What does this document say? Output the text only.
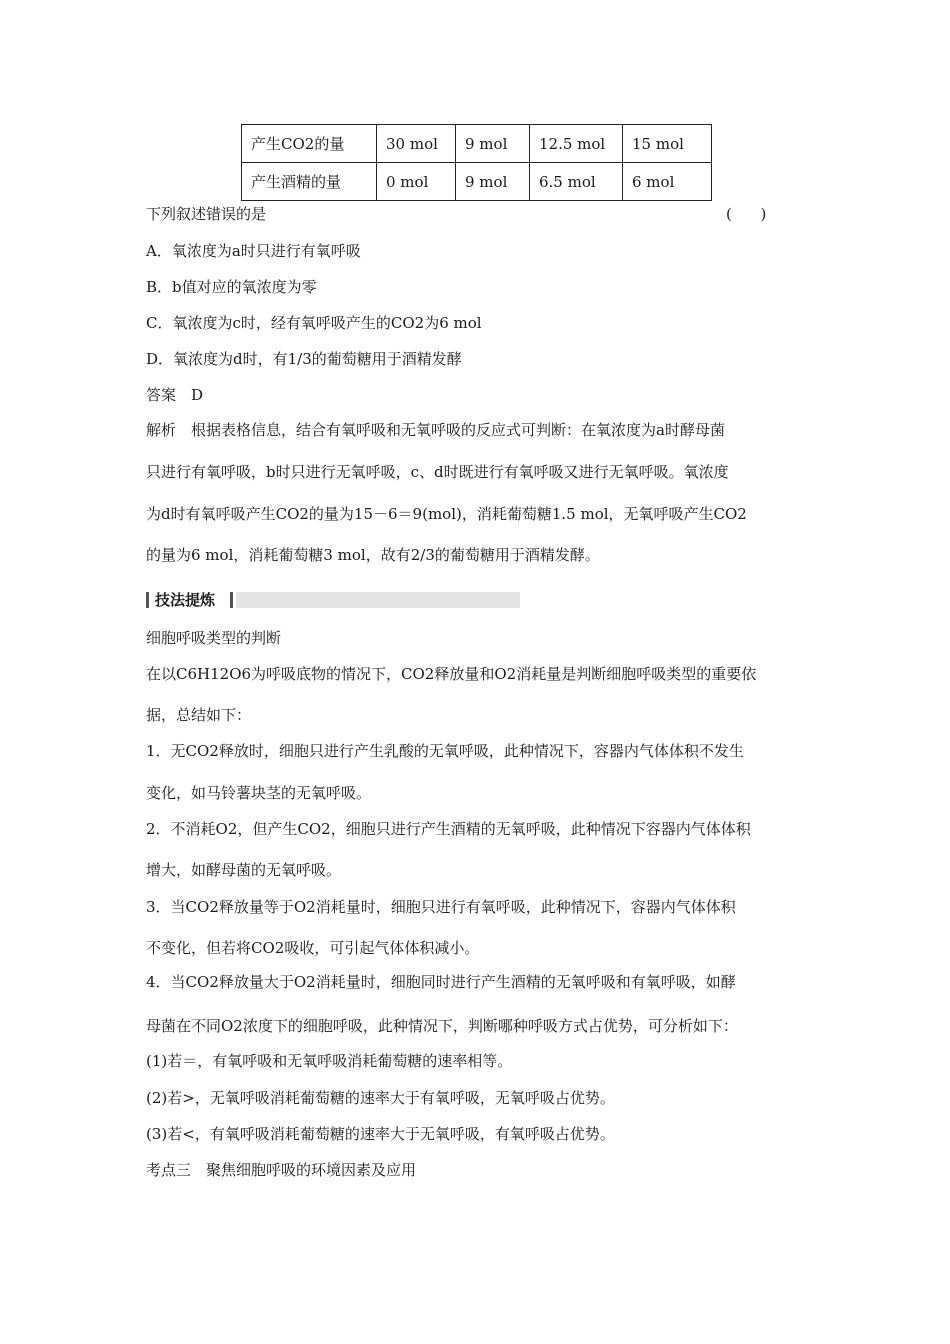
产生CO2的量	30 mol	9 mol	12.5 mol	15 mol
产生酒精的量	0 mol	9 mol	6.5 mol	6 mol
下列叙述错误的是	(      )
A．氧浓度为a时只进行有氧呼吸
B．b值对应的氧浓度为零
C．氧浓度为c时，经有氧呼吸产生的CO2为6 mol
D．氧浓度为d时，有1/3的葡萄糖用于酒精发酵
答案　D
解析　根据表格信息，结合有氧呼吸和无氧呼吸的反应式可判断：在氧浓度为a时酵母菌
只进行有氧呼吸，b时只进行无氧呼吸，c、d时既进行有氧呼吸又进行无氧呼吸。氧浓度
为d时有氧呼吸产生CO2的量为15－6＝9(mol)，消耗葡萄糖1.5 mol，无氧呼吸产生CO2
的量为6 mol，消耗葡萄糖3 mol，故有2/3的葡萄糖用于酒精发酵。
技法提炼
细胞呼吸类型的判断
在以C6H12O6为呼吸底物的情况下，CO2释放量和O2消耗量是判断细胞呼吸类型的重要依
据，总结如下：
1．无CO2释放时，细胞只进行产生乳酸的无氧呼吸，此种情况下，容器内气体体积不发生
变化，如马铃薯块茎的无氧呼吸。
2．不消耗O2，但产生CO2，细胞只进行产生酒精的无氧呼吸，此种情况下容器内气体体积
增大，如酵母菌的无氧呼吸。
3．当CO2释放量等于O2消耗量时，细胞只进行有氧呼吸，此种情况下，容器内气体体积
不变化，但若将CO2吸收，可引起气体体积减小。
4．当CO2释放量大于O2消耗量时，细胞同时进行产生酒精的无氧呼吸和有氧呼吸，如酵
母菌在不同O2浓度下的细胞呼吸，此种情况下，判断哪种呼吸方式占优势，可分析如下：
(1)若＝，有氧呼吸和无氧呼吸消耗葡萄糖的速率相等。
(2)若>，无氧呼吸消耗葡萄糖的速率大于有氧呼吸，无氧呼吸占优势。
(3)若<，有氧呼吸消耗葡萄糖的速率大于无氧呼吸，有氧呼吸占优势。
考点三　聚焦细胞呼吸的环境因素及应用
